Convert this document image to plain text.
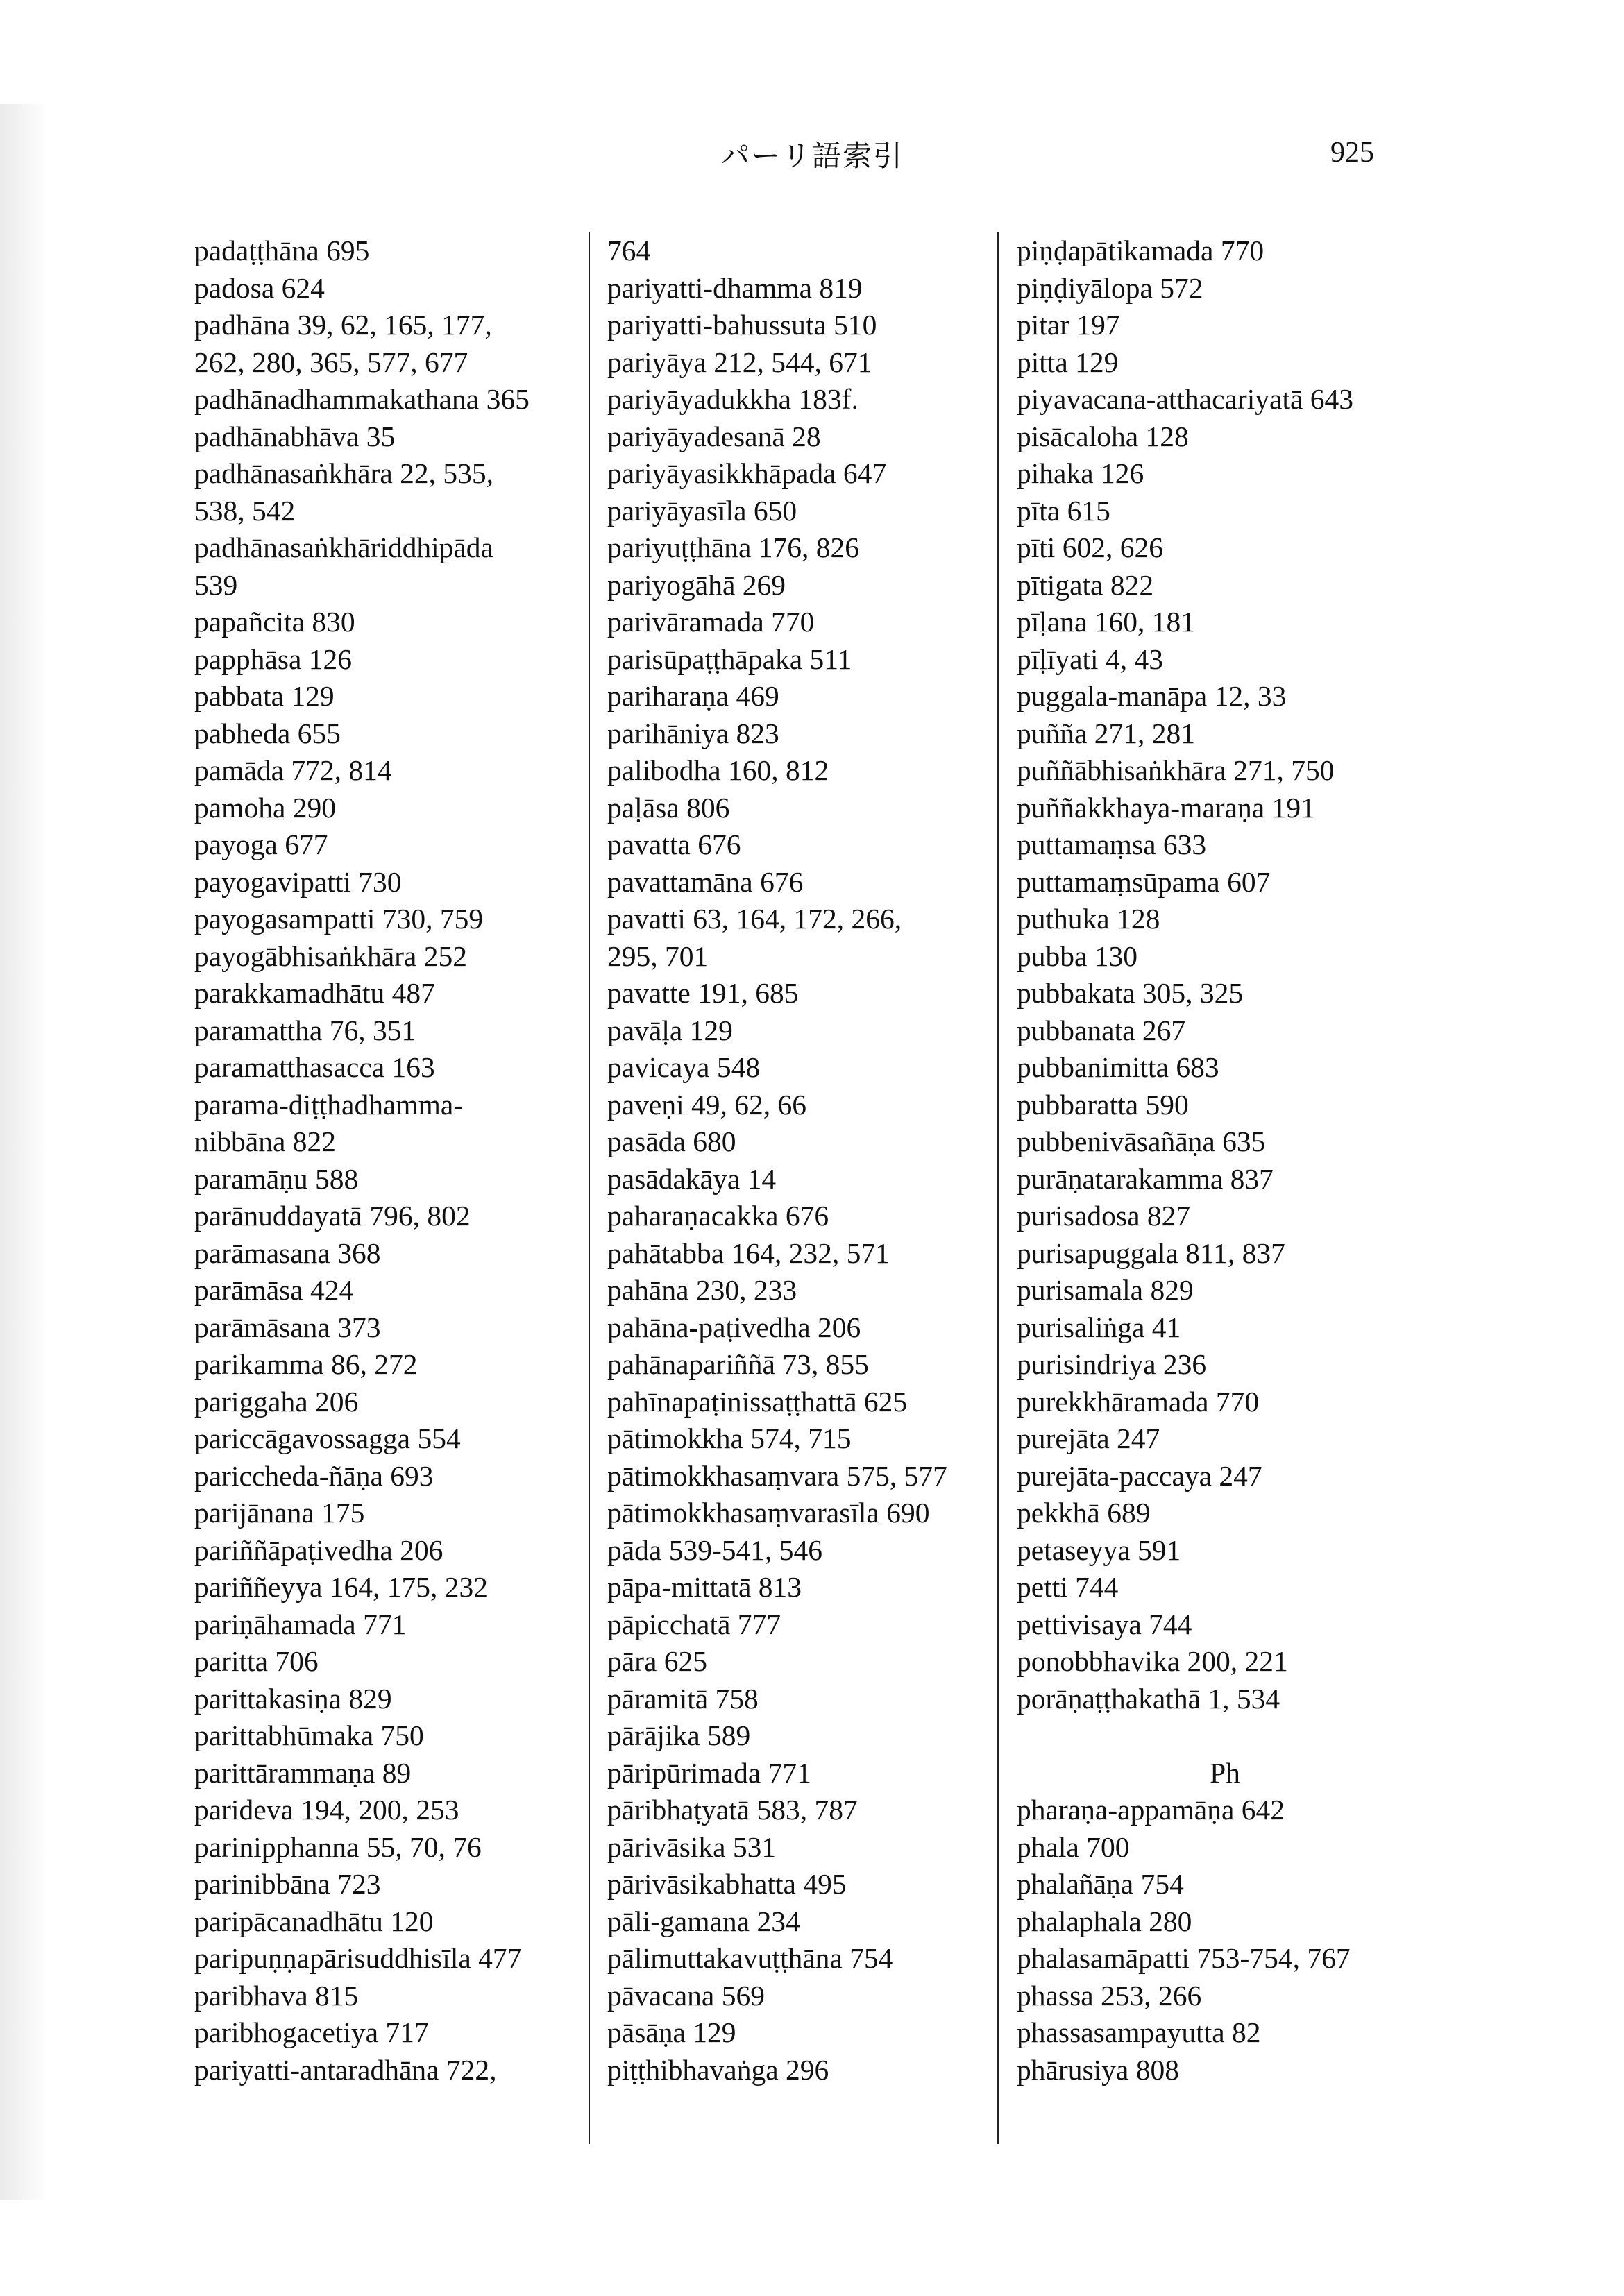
パーリ語索引	925
padaṭṭhāna 695
padosa 624
padhāna 39, 62, 165, 177,
262, 280, 365, 577, 677
padhānadhammakathana 365
padhānabhāva 35
padhānasaṅkhāra 22, 535,
538, 542
padhānasaṅkhāriddhipāda
539
papañcita 830
papphāsa 126
pabbata 129
pabheda 655
pamāda 772, 814
pamoha 290
payoga 677
payogavipatti 730
payogasampatti 730, 759
payogābhisaṅkhāra 252
parakkamadhātu 487
paramattha 76, 351
paramatthasacca 163
parama-diṭṭhadhamma-
nibbāna 822
paramāṇu 588
parānuddayatā 796, 802
parāmasana 368
parāmāsa 424
parāmāsana 373
parikamma 86, 272
pariggaha 206
pariccāgavossagga 554
pariccheda-ñāṇa 693
parijānana 175
pariññāpaṭivedha 206
pariññeyya 164, 175, 232
pariṇāhamada 771
paritta 706
parittakasiṇa 829
parittabhūmaka 750
parittārammaṇa 89
parideva 194, 200, 253
parinipphanna 55, 70, 76
parinibbāna 723
paripācanadhātu 120
paripuṇṇapārisuddhisīla 477
paribhava 815
paribhogacetiya 717
pariyatti-antaradhāna 722,
764
pariyatti-dhamma 819
pariyatti-bahussuta 510
pariyāya 212, 544, 671
pariyāyadukkha 183f.
pariyāyadesanā 28
pariyāyasikkhāpada 647
pariyāyasīla 650
pariyuṭṭhāna 176, 826
pariyogāhā 269
parivāramada 770
parisūpaṭṭhāpaka 511
pariharaṇa 469
parihāniya 823
palibodha 160, 812
paḷāsa 806
pavatta 676
pavattamāna 676
pavatti 63, 164, 172, 266,
295, 701
pavatte 191, 685
pavāḷa 129
pavicaya 548
paveṇi 49, 62, 66
pasāda 680
pasādakāya 14
paharaṇacakka 676
pahātabba 164, 232, 571
pahāna 230, 233
pahāna-paṭivedha 206
pahānapariññā 73, 855
pahīnapaṭinissaṭṭhattā 625
pātimokkha 574, 715
pātimokkhasaṃvara 575, 577
pātimokkhasaṃvarasīla 690
pāda 539-541, 546
pāpa-mittatā 813
pāpicchatā 777
pāra 625
pāramitā 758
pārājika 589
pāripūrimada 771
pāribhaṭyatā 583, 787
pārivāsika 531
pārivāsikabhatta 495
pāli-gamana 234
pālimuttakavuṭṭhāna 754
pāvacana 569
pāsāṇa 129
piṭṭhibhavaṅga 296
piṇḍapātikamada 770
piṇḍiyālopa 572
pitar 197
pitta 129
piyavacana-atthacariyatā 643
pisācaloha 128
pihaka 126
pīta 615
pīti 602, 626
pītigata 822
pīḷana 160, 181
pīḷīyati 4, 43
puggala-manāpa 12, 33
puñña 271, 281
puññābhisaṅkhāra 271, 750
puññakkhaya-maraṇa 191
puttamaṃsa 633
puttamaṃsūpama 607
puthuka 128
pubba 130
pubbakata 305, 325
pubbanata 267
pubbanimitta 683
pubbaratta 590
pubbenivāsañāṇa 635
purāṇatarakamma 837
purisadosa 827
purisapuggala 811, 837
purisamala 829
purisaliṅga 41
purisindriya 236
purekkhāramada 770
purejāta 247
purejāta-paccaya 247
pekkhā 689
petaseyya 591
petti 744
pettivisaya 744
ponobbhavika 200, 221
porāṇaṭṭhakathā 1, 534

Ph
pharaṇa-appamāṇa 642
phala 700
phalañāṇa 754
phalaphala 280
phalasamāpatti 753-754, 767
phassa 253, 266
phassasampayutta 82
phārusiya 808
